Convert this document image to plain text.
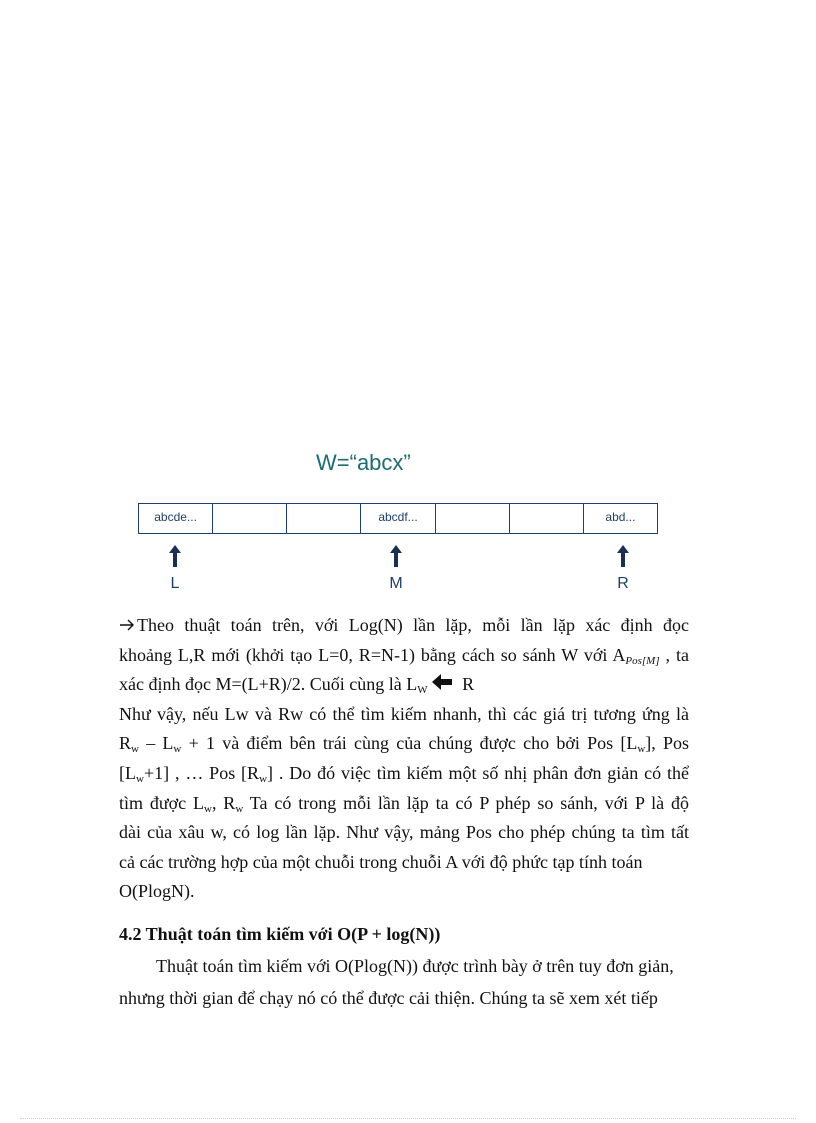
W=“abcx”
abcde...	abcdf...	abd...
L	M	R
Theo thuật toán trên, với Log(N) lần lặp, mỗi lần lặp xác định đọc
khoảng L,R mới (khởi tạo L=0, R=N-1) bằng cách so sánh W với $A_{Pos[M]}$ , ta
xác định đọc M=(L+R)/2. Cuối cùng là $L_W$ R
Như vậy, nếu Lw và Rw có thể tìm kiếm nhanh, thì các giá trị tương ứng là
$R_w - L_w + 1$ và điểm bên trái cùng của chúng được cho bởi Pos $[L_w]$, Pos
$[L_w+1]$ , … Pos $[R_w]$ . Do đó việc tìm kiếm một số nhị phân đơn giản có thể
tìm được $L_w$, $R_w$ Ta có trong mỗi lần lặp ta có P phép so sánh, với P là độ
dài của xâu w, có log lần lặp. Như vậy, mảng Pos cho phép chúng ta tìm tất
cả các trường hợp của một chuỗi trong chuỗi A với độ phức tạp tính toán
O(PlogN).
4.2 Thuật toán tìm kiếm với O(P + log(N))
Thuật toán tìm kiếm với O(Plog(N)) được trình bày ở trên tuy đơn giản,
nhưng thời gian để chạy nó có thể được cải thiện. Chúng ta sẽ xem xét tiếp
